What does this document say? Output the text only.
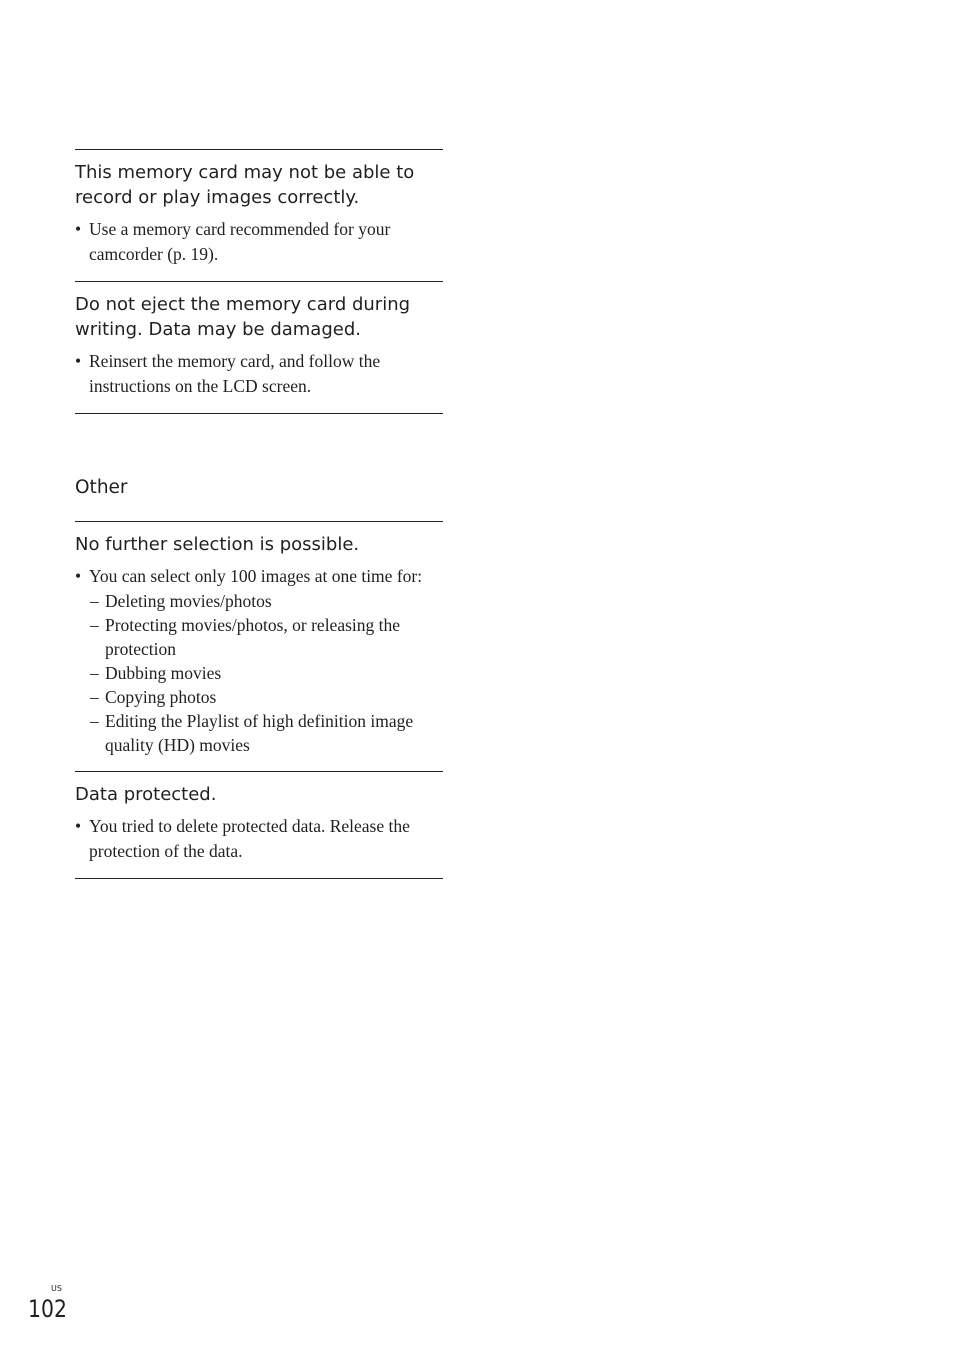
This memory card may not be able to
record or play images correctly.

• Use a memory card recommended for your camcorder (p. 19).

Do not eject the memory card during
writing. Data may be damaged.

• Reinsert the memory card, and follow the instructions on the LCD screen.

Other
No further selection is possible.

• You can select only 100 images at one time for:

– Deleting movies/photos

– Protecting movies/photos, or releasing the protection

– Dubbing movies

– Copying photos

– Editing the Playlist of high definition image quality (HD) movies

Data protected.

• You tried to delete protected data. Release the protection of the data.

US
102
